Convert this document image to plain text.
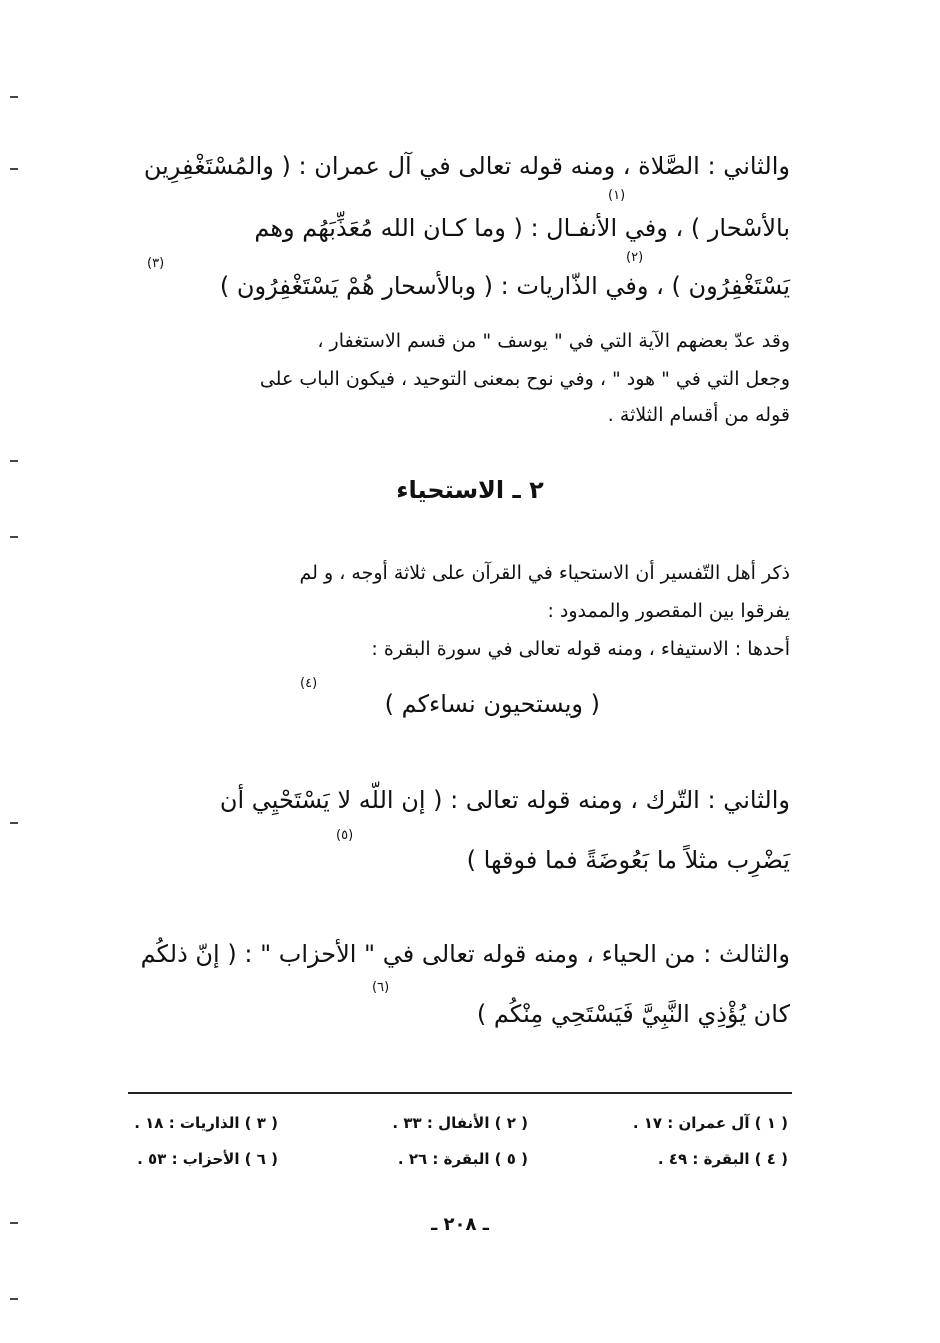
والثاني : الصَّلاة ، ومنه قوله تعالى في آل عمران : ( والمُسْتَغْفِرِين
(١)
بالأسْحار ) ، وفي الأنفـال : ( وما كـان الله مُعَذِّبَهُم وهم
(٢)
(٣)
يَسْتَغْفِرُون ) ، وفي الذّاريات : ( وبالأسحار هُمْ يَسْتَغْفِرُون )
وقد عدّ بعضهم الآية التي في " يوسف " من قسم الاستغفار ،
وجعل التي في " هود " ، وفي نوح بمعنى التوحيد ، فيكون الباب على
قوله من أقسام الثلاثة .
٢ ـ الاستحياء
ذكر أهل التّفسير أن الاستحياء في القرآن على ثلاثة أوجه ، و لم
يفرقوا بين المقصور والممدود :
أحدها : الاستيفاء ، ومنه قوله تعالى في سورة البقرة :
(٤)
( ويستحيون نساءكم )
والثاني : التّرك ، ومنه قوله تعالى : ( إن اللّه لا يَسْتَحْيِي أن
(٥)
يَضْرِب مثلاً ما بَعُوضَةً فما فوقها )
والثالث : من الحياء ، ومنه قوله تعالى في " الأحزاب " : ( إنّ ذلكُم
(٦)
كان يُؤْذِي النَّبِيَّ فَيَسْتَحِي مِنْكُم )
( ١ ) آل عمران : ١٧ .
( ٢ ) الأنفال : ٣٣ .
( ٣ ) الذاريات : ١٨ .
( ٤ ) البقرة : ٤٩ .
( ٥ ) البقرة : ٢٦ .
( ٦ ) الأحزاب : ٥٣ .
ـ ٢٠٨ ـ
